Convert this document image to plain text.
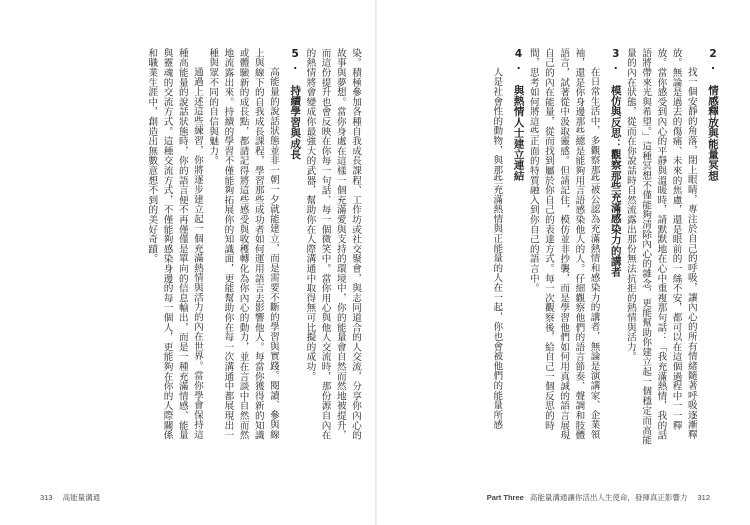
2. 情感釋放與能量冥想

找一個安靜的角落，閉上眼睛，專注於自己的呼吸，讓內心的所有情緒隨著呼吸逐漸釋放。無論是過去的傷痛、未來的焦慮，還是眼前的一絲不安，都可以在這個過程中一一釋放。當你感受到內心的平靜與溫暖時，請默默地在心中重複那句話：「我充滿熱情，我的話語將帶來光與希望。」這種冥想不僅能夠清除內心的雜念，更能幫助你建立起一個穩定而高能量的內在狀態，從而在你說話時自然流露出那份無法抗拒的熱情與活力。

3. 模仿與反思：觀察那些充滿感染力的講者

在日常生活中，多觀察那些被公認為充滿熱情和感染力的講者，無論是演講家、企業領袖，還是你身邊那些總是能夠用言語感染他人的人。仔細觀察他們的語言節奏、聲調和肢體語言，試著從中汲取靈感。但請記住，模仿並非抄襲，而是學習他們如何用真誠的語言展現自己的內在能量，從而找到屬於你自己的表達方式。每一次觀察後，給自己一個反思的時間，思考如何將這些正面的特質融入到你自己的語言中。

4. 與熱情人士建立連結

人是社會性的動物，與那些充滿熱情與正能量的人在一起，你也會被他們的能量所感

Part Three 高能量溝通讓你活出人生使命，發揮真正影響力 312

染。積極參加各種自我成長課程、工作坊或社交聚會，與志同道合的人交流，分享你內心的故事與夢想。當你身處在這樣一個充滿愛與支持的環境中，你的能量會自然而然地被提升，而這份提升也會反映在你每一句話、每一個微笑中。當你用心與他人交流時，那份源自內在的熱情將會變成你最強大的武器，幫助你在人際溝通中取得無可比擬的成功。

5. 持續學習與成長

高能量的說話狀態並非一朝一夕就能建立，而是需要不斷的學習與實踐。閱讀、參與線上與線下的自我成長課程，學習那些成功者如何運用語言去影響他人。每當你獲得新的知識或體驗新的成長點，都請記得將這些感受與收穫轉化為你內心的動力，並在言談中自然而然地流露出來。持續的學習不僅能夠拓展你的知識面，更能幫助你在每一次溝通中都展現出一種與眾不同的自信與魅力。

通過上述這些練習，你將逐步建立起一個充滿熱情與活力的內在世界。當你學會保持這種高能量的說話狀態時，你的語言便不再僅僅是單向的信息輸出，而是一種充滿情感、能量與靈魂的交流方式。這種交流方式，不僅能夠感染身邊的每一個人，更能夠在你的人際關係和職業生涯中，創造出無數意想不到的美好奇蹟。

313 高能量溝通
